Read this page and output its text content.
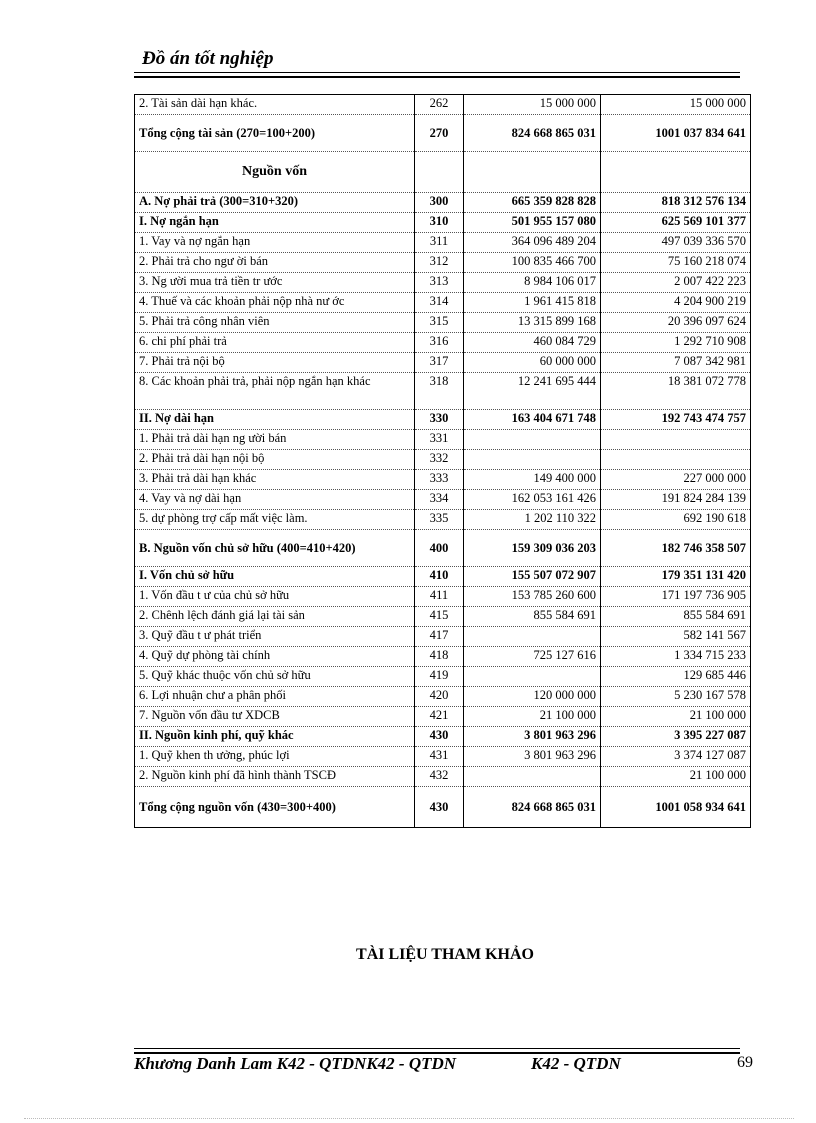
Đồ án tốt nghiệp
2. Tài sản dài hạn khác.	262	15 000 000	15 000 000
Tổng cộng tài sản (270=100+200)	270	824 668 865 031	1001 037 834 641
Nguồn vốn			
A. Nợ phải trả (300=310+320)	300	665 359 828 828	818 312 576 134
I. Nợ ngắn hạn	310	501 955 157 080	625 569 101 377
1. Vay và nợ ngắn hạn	311	364 096 489 204	497 039 336 570
2. Phải trả cho ngư ời bán	312	100 835 466 700	75 160 218 074
3. Ng ười mua trả tiền tr ước	313	8 984 106 017	2 007 422 223
4. Thuế và các khoản phải nộp nhà nư ớc	314	1 961 415 818	4 204 900 219
5. Phải trả công nhân viên	315	13 315 899 168	20 396 097 624
6. chi phí phải trả	316	460 084 729	1 292 710 908
7. Phải trả nội bộ	317	60 000 000	7 087 342 981
8. Các khoản phải trả, phải nộp ngắn hạn khác	318	12 241 695 444	18 381 072 778
II. Nợ dài hạn	330	163 404 671 748	192 743 474 757
1. Phải trả dài hạn ng ười bán	331		
2. Phải trả dài hạn nội bộ	332		
3. Phải trả dài hạn khác	333	149 400 000	227 000 000
4. Vay và nợ dài hạn	334	162 053 161 426	191 824 284 139
5. dự phòng trợ cấp mất việc làm.	335	1 202 110 322	692 190 618
B. Nguồn vốn chủ sở hữu (400=410+420)	400	159 309 036 203	182 746 358 507
I. Vốn chủ sở hữu	410	155 507 072 907	179 351 131 420
1. Vốn đầu t ư của chủ sở hữu	411	153 785 260 600	171 197 736 905
2. Chênh lệch đánh giá lại tài sản	415	855 584 691	855 584 691
3. Quỹ đầu t ư phát triển	417		582 141 567
4. Quỹ dự phòng tài chính	418	725 127 616	1 334 715 233
5. Quỹ khác thuộc vốn chủ sở hữu	419		129 685 446
6. Lợi nhuận chư a phân phối	420	120 000 000	5 230 167 578
7. Nguồn vốn đầu tư XDCB	421	21 100 000	21 100 000
II. Nguồn kinh phí, quỹ khác	430	3 801 963 296	3 395 227 087
1. Quỹ khen th ưởng, phúc lợi	431	3 801 963 296	3 374 127 087
2. Nguồn kinh phí đã hình thành TSCĐ	432		21 100 000
Tổng cộng nguồn vốn (430=300+400)	430	824 668 865 031	1001 058 934 641
TÀI LIỆU THAM KHẢO
Khương Danh Lam K42 - QTDNK42 - QTDN	K42 - QTDN	69
